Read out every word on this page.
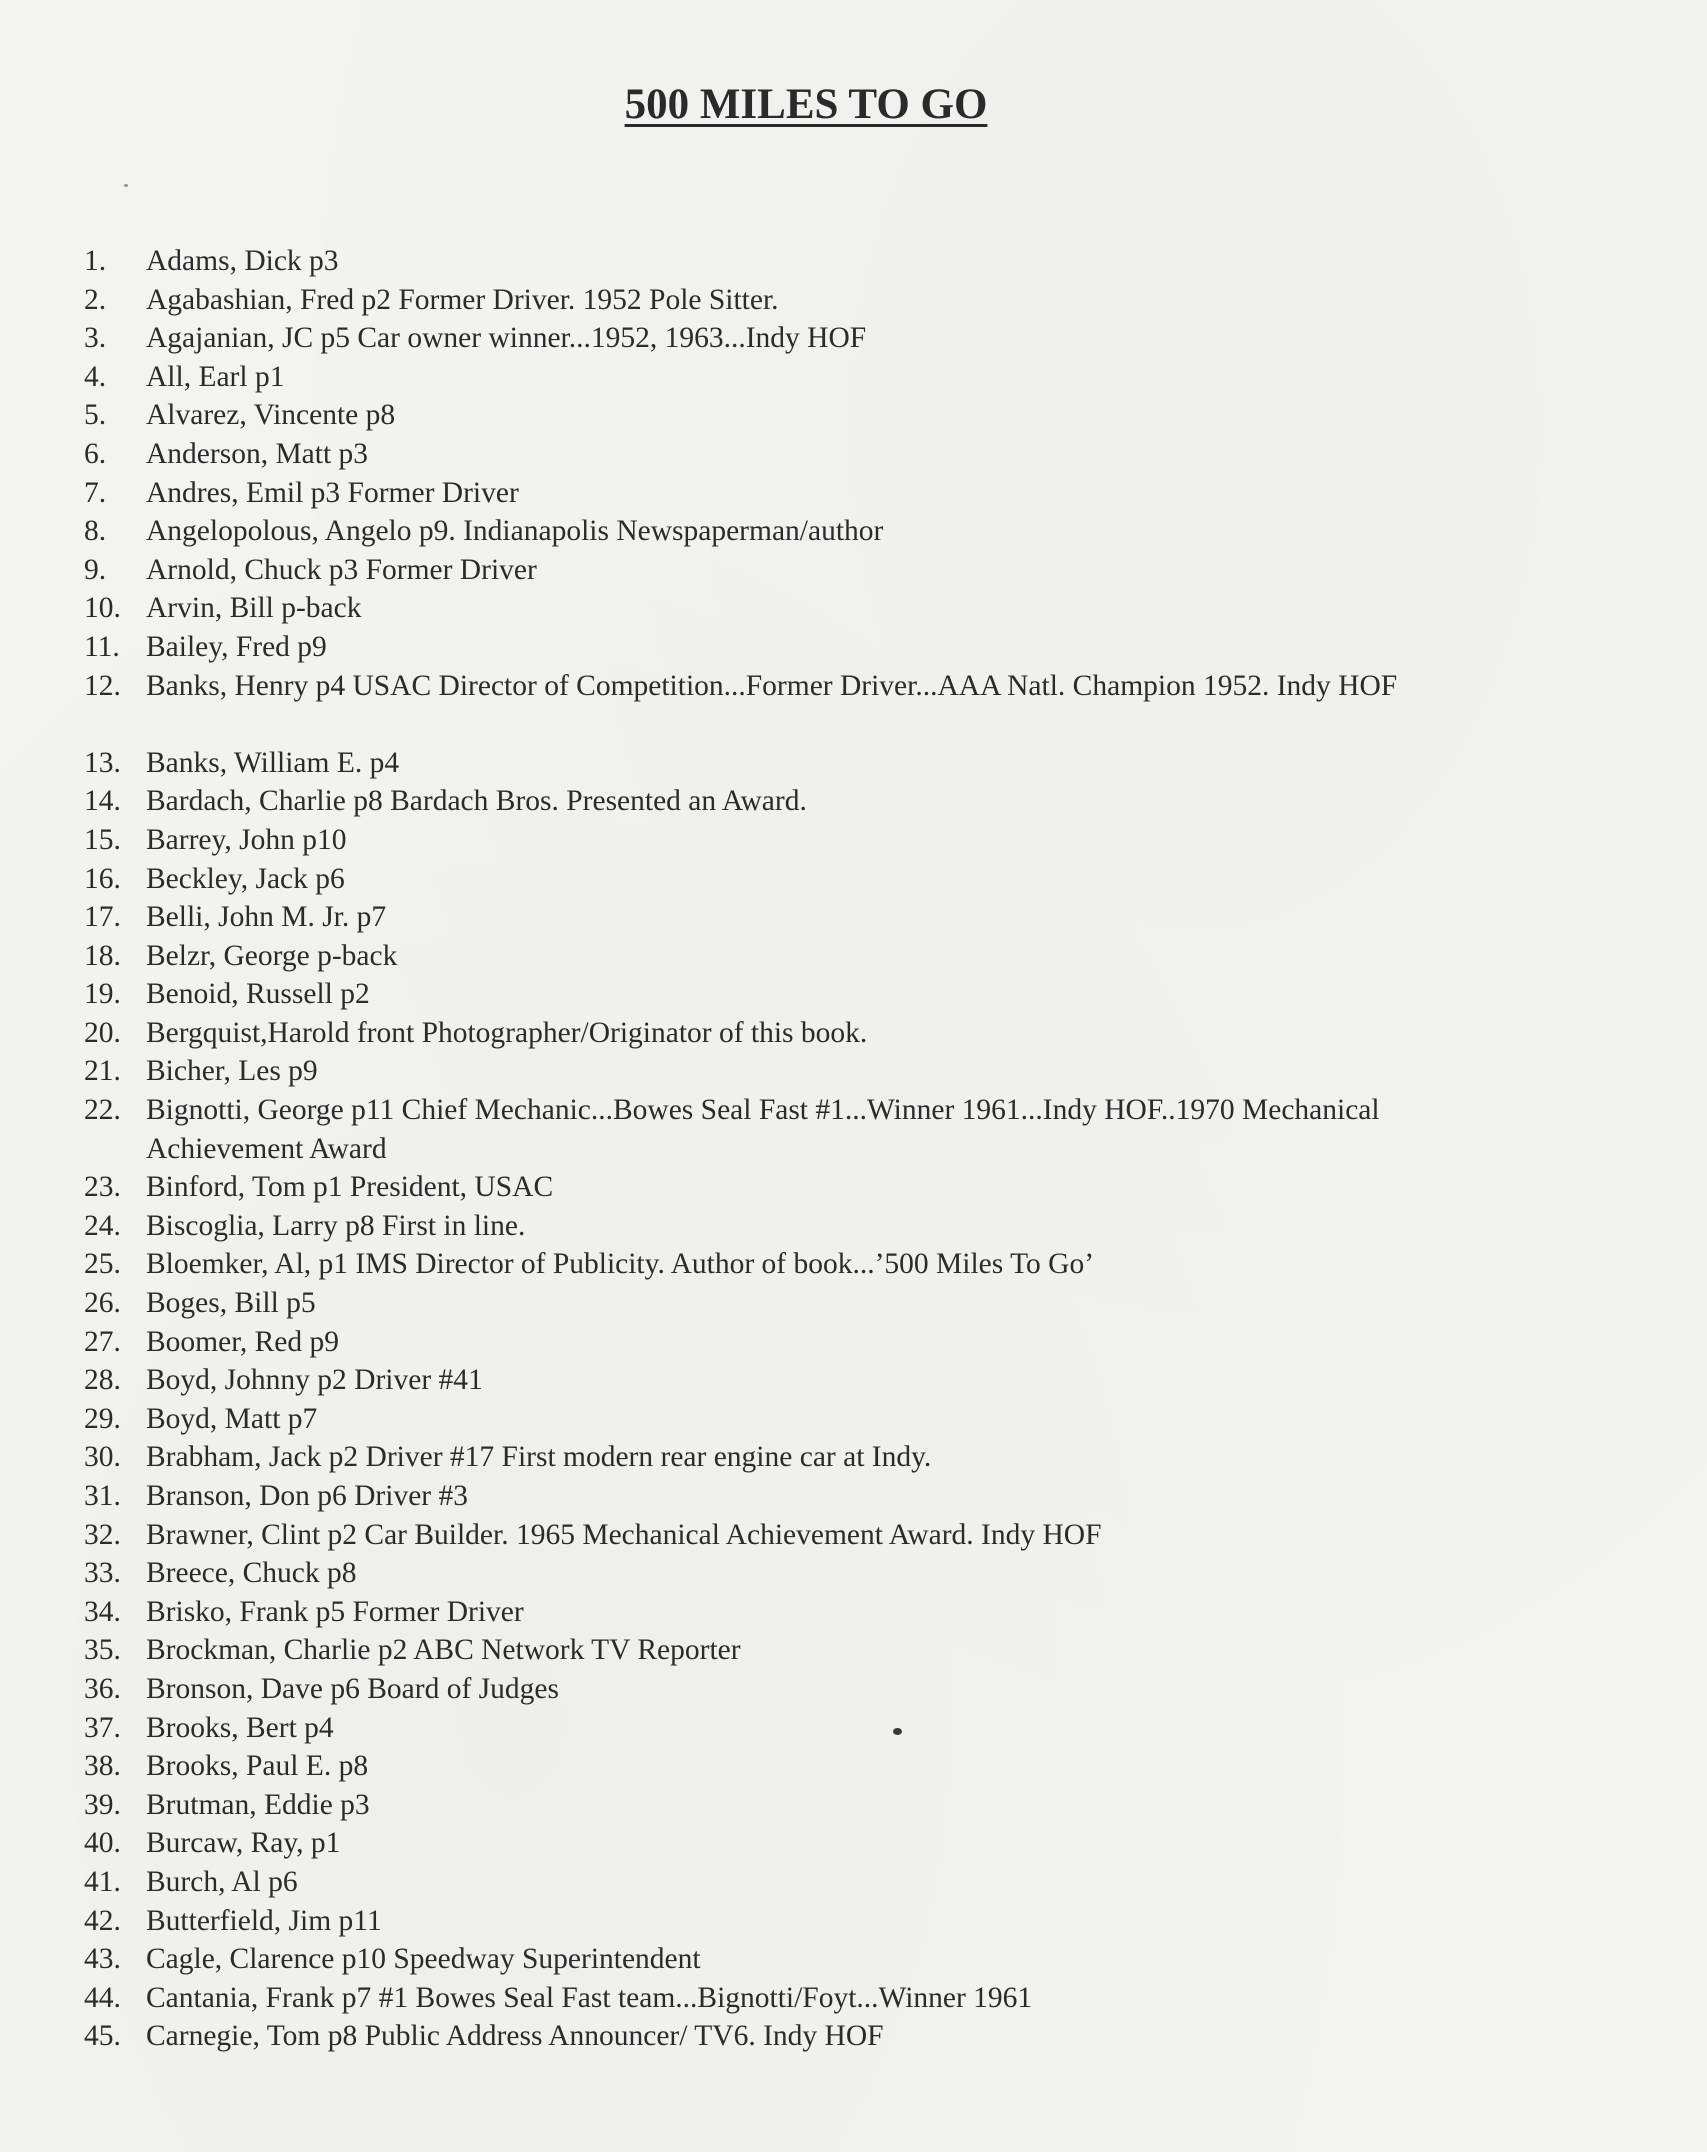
500 MILES TO GO
1.	Adams, Dick p3
2.	Agabashian, Fred p2 Former Driver. 1952 Pole Sitter.
3.	Agajanian, JC p5 Car owner winner...1952, 1963...Indy HOF
4.	All, Earl p1
5.	Alvarez, Vincente p8
6.	Anderson, Matt p3
7.	Andres, Emil p3 Former Driver
8.	Angelopolous, Angelo p9. Indianapolis Newspaperman/author
9.	Arnold, Chuck p3 Former Driver
10. Arvin, Bill p-back
11. Bailey, Fred p9
12. Banks, Henry p4 USAC Director of Competition...Former Driver...AAA Natl. Champion 1952. Indy HOF
13. Banks, William E. p4
14. Bardach, Charlie p8 Bardach Bros. Presented an Award.
15. Barrey, John p10
16. Beckley, Jack p6
17. Belli, John M. Jr. p7
18. Belzr, George p-back
19. Benoid, Russell p2
20. Bergquist,Harold front Photographer/Originator of this book.
21. Bicher, Les p9
22. Bignotti, George p11 Chief Mechanic...Bowes Seal Fast #1...Winner 1961...Indy HOF..1970 Mechanical Achievement Award
23. Binford, Tom p1 President, USAC
24. Biscoglia, Larry p8 First in line.
25. Bloemker, Al, p1 IMS Director of Publicity. Author of book...’500 Miles To Go’
26. Boges, Bill p5
27. Boomer, Red p9
28. Boyd, Johnny p2 Driver #41
29. Boyd, Matt p7
30. Brabham, Jack p2 Driver #17 First modern rear engine car at Indy.
31. Branson, Don p6 Driver #3
32. Brawner, Clint p2 Car Builder. 1965 Mechanical Achievement Award. Indy HOF
33. Breece, Chuck p8
34. Brisko, Frank p5 Former Driver
35. Brockman, Charlie p2 ABC Network TV Reporter
36. Bronson, Dave p6 Board of Judges
37. Brooks, Bert p4
38. Brooks, Paul E. p8
39. Brutman, Eddie p3
40. Burcaw, Ray, p1
41. Burch, Al p6
42. Butterfield, Jim p11
43. Cagle, Clarence p10 Speedway Superintendent
44. Cantania, Frank p7 #1 Bowes Seal Fast team...Bignotti/Foyt...Winner 1961
45. Carnegie, Tom p8 Public Address Announcer/ TV6. Indy HOF
